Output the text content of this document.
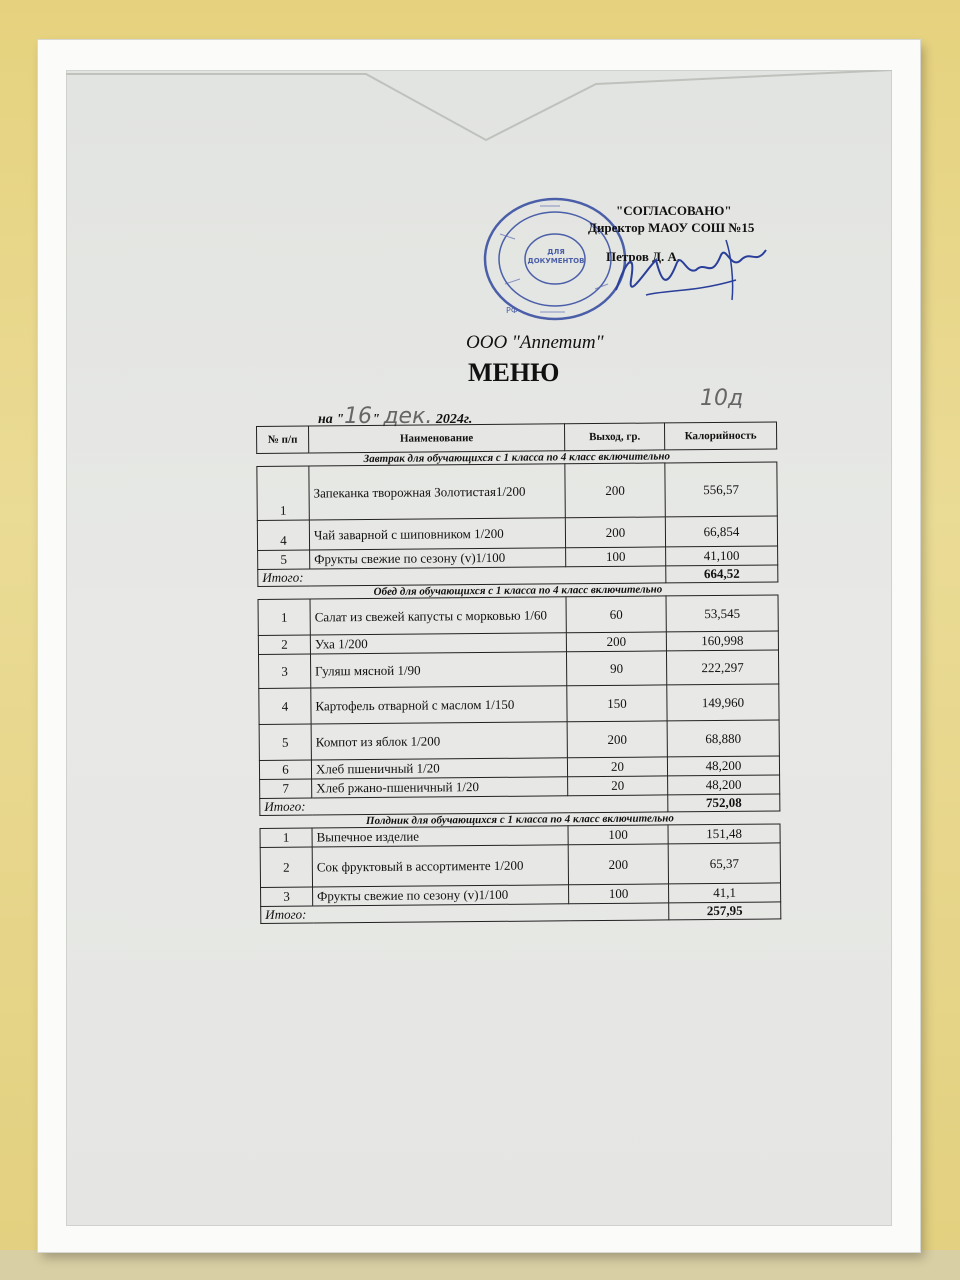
ДЛЯ ДОКУМЕНТОВ
РФ
"СОГЛАСОВАНО"
Директор МАОУ СОШ №15
Петров Д. А.
ООО "Аппетит"
МЕНЮ
на "16" дек. 2024г.
10д
№ п/п	Наименование	Выход, гр.	Калорийность
Завтрак для обучающихся с 1 класса по 4 класс включительно			
1	Запеканка творожная Золотистая1/200	200	556,57
4	Чай заварной с шиповником 1/200	200	66,854
5	Фрукты свежие по сезону (v)1/100	100	41,100
Итого:			664,52
Обед для обучающихся с 1 класса по 4 класс включительно			
1	Салат из свежей капусты с морковью 1/60	60	53,545
2	Уха 1/200	200	160,998
3	Гуляш мясной 1/90	90	222,297
4	Картофель отварной с маслом 1/150	150	149,960
5	Компот из яблок 1/200	200	68,880
6	Хлеб пшеничный 1/20	20	48,200
7	Хлеб ржано-пшеничный 1/20	20	48,200
Итого:			752,08
Полдник для обучающихся с 1 класса по 4 класс включительно			
1	Выпечное изделие	100	151,48
2	Сок фруктовый в ассортименте 1/200	200	65,37
3	Фрукты свежие по сезону (v)1/100	100	41,1
Итого:			257,95
